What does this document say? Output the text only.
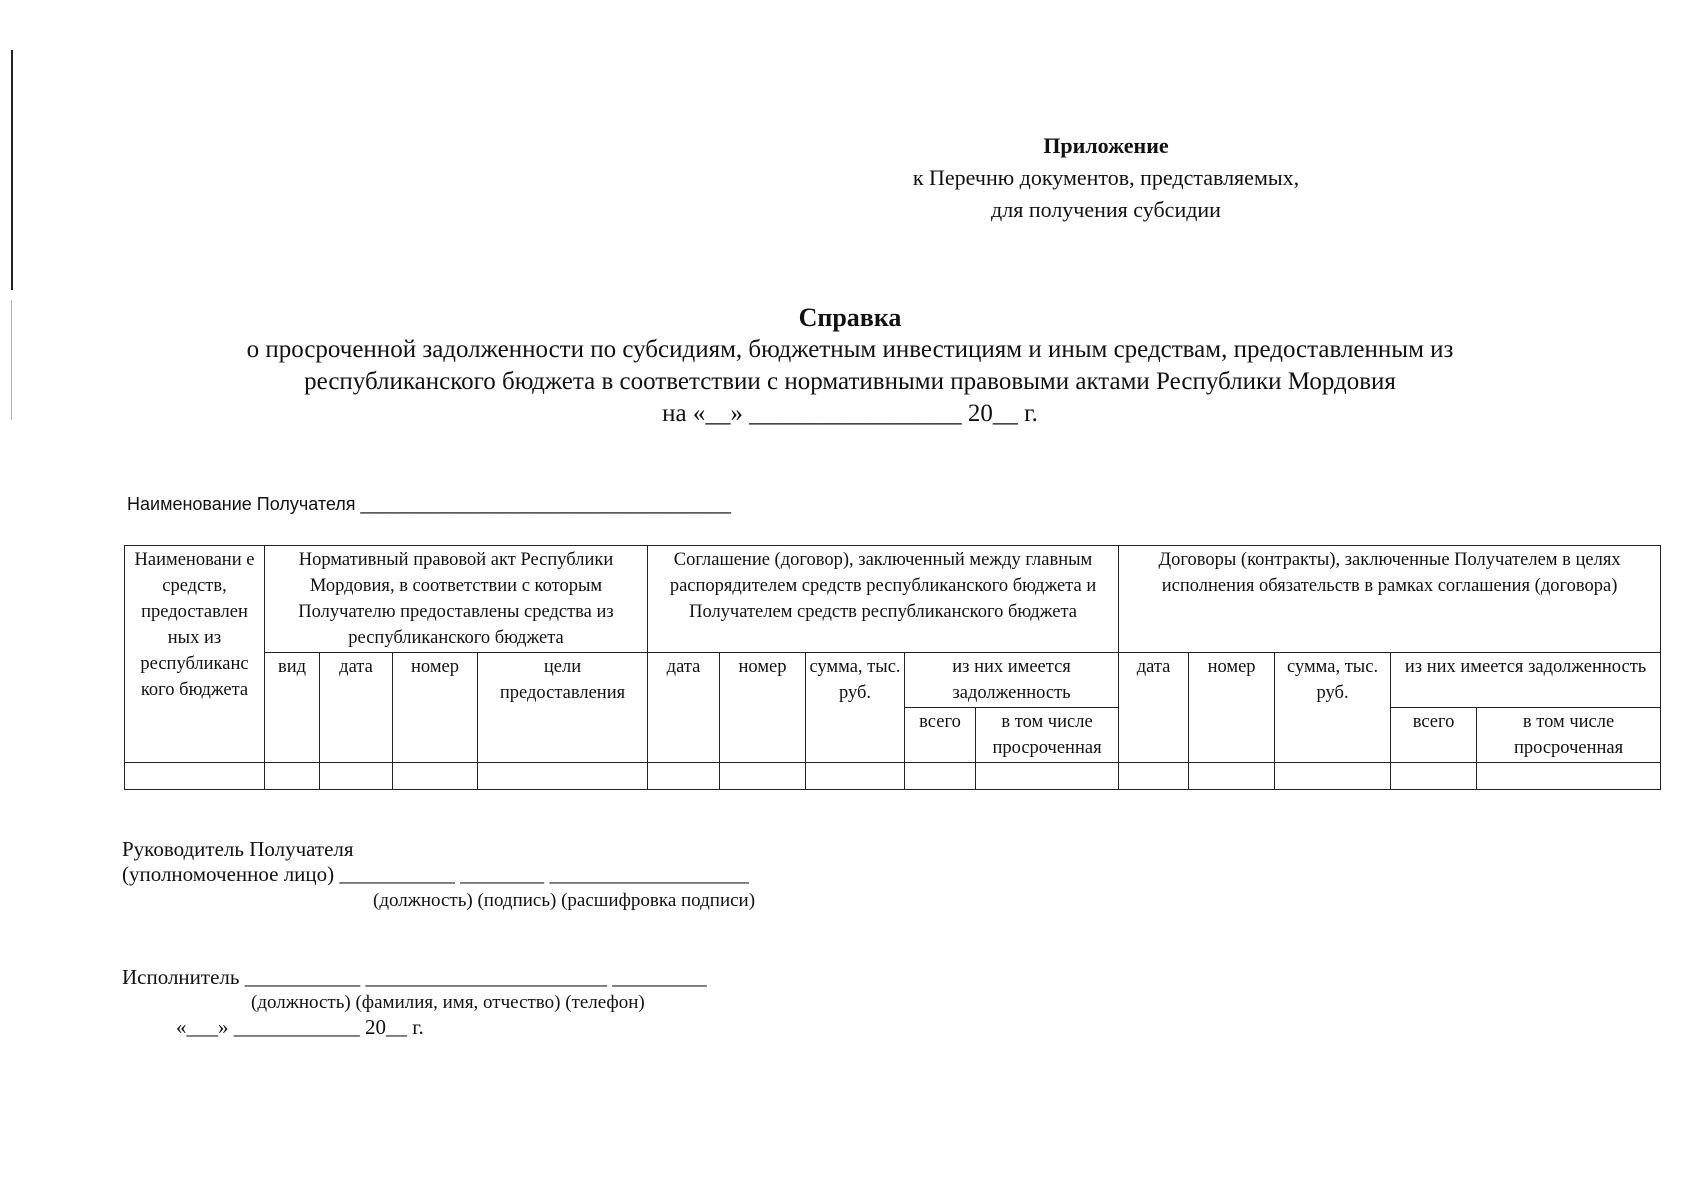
Приложение
к Перечню документов, представляемых,
для получения субсидии
Справка
о просроченной задолженности по субсидиям, бюджетным инвестициям и иным средствам, предоставленным из
республиканского бюджета в соответствии с нормативными правовыми актами Республики Мордовия
на «__» _________________ 20__ г.
Наименование Получателя _____________________________________
Наименовани е средств, предоставлен ных из республиканс кого бюджета	Нормативный правовой акт Республики Мордовия, в соответствии с которым Получателю предоставлены средства из республиканского бюджета				Соглашение (договор), заключенный между главным распорядителем средств республиканского бюджета и Получателем средств республиканского бюджета					Договоры (контракты), заключенные Получателем в целях исполнения обязательств в рамках соглашения (договора)				
	вид	дата	номер	цели предоставления	дата	номер	сумма, тыс. руб.	из них имеется задолженность		дата	номер	сумма, тыс. руб.	из них имеется задолженность	
								всего	в том числе просроченная				всего	в том числе просроченная

Руководитель Получателя
(уполномоченное лицо) ___________ ________ ___________________
(должность) (подпись) (расшифровка подписи)
Исполнитель ___________ _______________________ _________
(должность) (фамилия, имя, отчество) (телефон)
«___» ____________ 20__ г.
